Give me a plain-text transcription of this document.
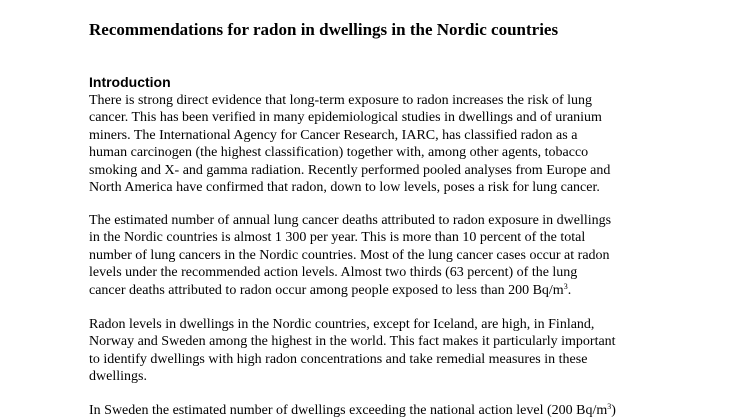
Recommendations for radon in dwellings in the Nordic countries
Introduction

There is strong direct evidence that long-term exposure to radon increases the risk of lung
cancer. This has been verified in many epidemiological studies in dwellings and of uranium
miners. The International Agency for Cancer Research, IARC, has classified radon as a
human carcinogen (the highest classification) together with, among other agents, tobacco
smoking and X- and gamma radiation. Recently performed pooled analyses from Europe and
North America have confirmed that radon, down to low levels, poses a risk for lung cancer.

The estimated number of annual lung cancer deaths attributed to radon exposure in dwellings
in the Nordic countries is almost 1 300 per year. This is more than 10 percent of the total
number of lung cancers in the Nordic countries. Most of the lung cancer cases occur at radon
levels under the recommended action levels. Almost two thirds (63 percent) of the lung
cancer deaths attributed to radon occur among people exposed to less than 200 $Bq/m^3$.

Radon levels in dwellings in the Nordic countries, except for Iceland, are high, in Finland,
Norway and Sweden among the highest in the world. This fact makes it particularly important
to identify dwellings with high radon concentrations and take remedial measures in these
dwellings.

In Sweden the estimated number of dwellings exceeding the national action level (200 $Bq/m^3$)
